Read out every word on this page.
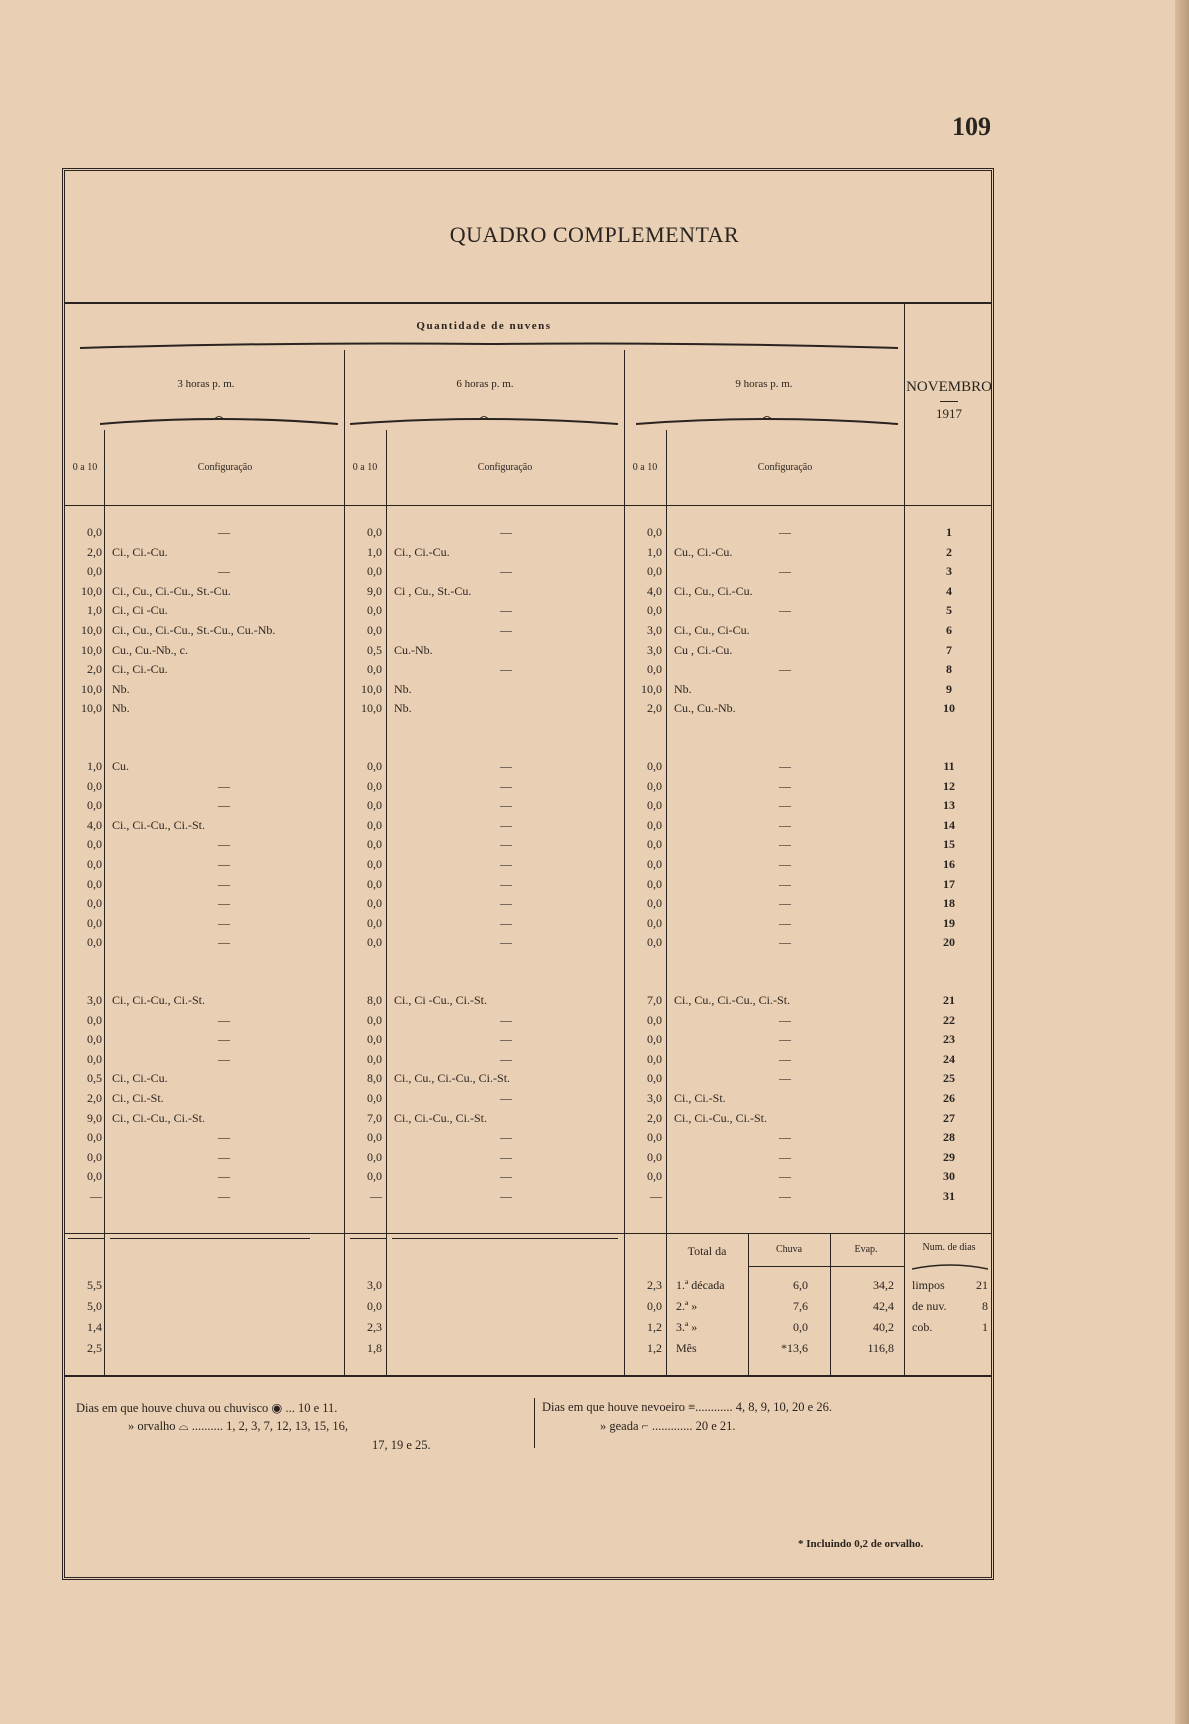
109
QUADRO COMPLEMENTAR
Quantidade de nuvens
3 horas p. m.	6 horas p. m.	9 horas p. m.
0 a 10	Configuração	0 a 10	Configuração	0 a 10	Configuração
NOVEMBRO
1917
0,0	—	0,0	—	0,0	—	1
2,0 Ci., Ci.-Cu.	1,0 Ci., Ci.-Cu.	1,0 Cu., Ci.-Cu.	2
0,0	—	0,0	—	0,0	—	3
10,0 Ci., Cu., Ci.-Cu., St.-Cu.	9,0 Ci , Cu., St.-Cu.	4,0 Ci., Cu., Ci.-Cu.	4
1,0 Ci., Ci -Cu.	0,0	—	0,0	—	5
10,0 Ci., Cu., Ci.-Cu., St.-Cu., Cu.-Nb.	0,0	—	3,0 Ci., Cu., Ci-Cu.	6
10,0 Cu., Cu.-Nb., c.	0,5 Cu.-Nb.	3,0 Cu , Ci.-Cu.	7
2,0 Ci., Ci.-Cu.	0,0	—	0,0	—	8
10,0 Nb.	10,0 Nb.	10,0 Nb.	9
10,0 Nb.	10,0 Nb.	2,0 Cu., Cu.-Nb.	10
1,0 Cu.	0,0	—	0,0	—	11
0,0	—	0,0	—	0,0	—	12
0,0	—	0,0	—	0,0	—	13
4,0 Ci., Ci.-Cu., Ci.-St.	0,0	—	0,0	—	14
0,0	—	0,0	—	0,0	—	15
0,0	—	0,0	—	0,0	—	16
0,0	—	0,0	—	0,0	—	17
0,0	—	0,0	—	0,0	—	18
0,0	—	0,0	—	0,0	—	19
0,0	—	0,0	—	0,0	—	20
3,0 Ci., Ci.-Cu., Ci.-St.	8,0 Ci., Ci -Cu., Ci.-St.	7,0 Ci., Cu., Ci.-Cu., Ci.-St.	21
0,0	—	0,0	—	0,0	—	22
0,0	—	0,0	—	0,0	—	23
0,0	—	0,0	—	0,0	—	24
0,5 Ci., Ci.-Cu.	8,0 Ci., Cu., Ci.-Cu., Ci.-St.	0,0	—	25
2,0 Ci., Ci.-St.	0,0	—	3,0 Ci., Ci.-St.	26
9,0 Ci., Ci.-Cu., Ci.-St.	7,0 Ci., Ci.-Cu., Ci.-St.	2,0 Ci., Ci.-Cu., Ci.-St.	27
0,0	—	0,0	—	0,0	—	28
0,0	—	0,0	—	0,0	—	29
0,0	—	0,0	—	0,0	—	30
—	—	—	—	—	—	31
Total da	Chuva	Evap.	Num. de dias
5,5	3,0	2,3 1.ª década	6,0	34,2 limpos	21
5,0	0,0	0,0 2.ª »	7,6	42,4 de nuv.	8
1,4	2,3	1,2 3.ª »	0,0	40,2 cob.	1
2,5	1,8	1,2 Mês	*13,6	116,8
Dias em que houve chuva ou chuvisco ◉ ... 10 e 11.
» orvalho ⌓ .......... 1, 2, 3, 7, 12, 13, 15, 16,
17, 19 e 25.
Dias em que houve nevoeiro ≡............ 4, 8, 9, 10, 20 e 26.
» geada ⌐ ............. 20 e 21.
* Incluindo 0,2 de orvalho.
